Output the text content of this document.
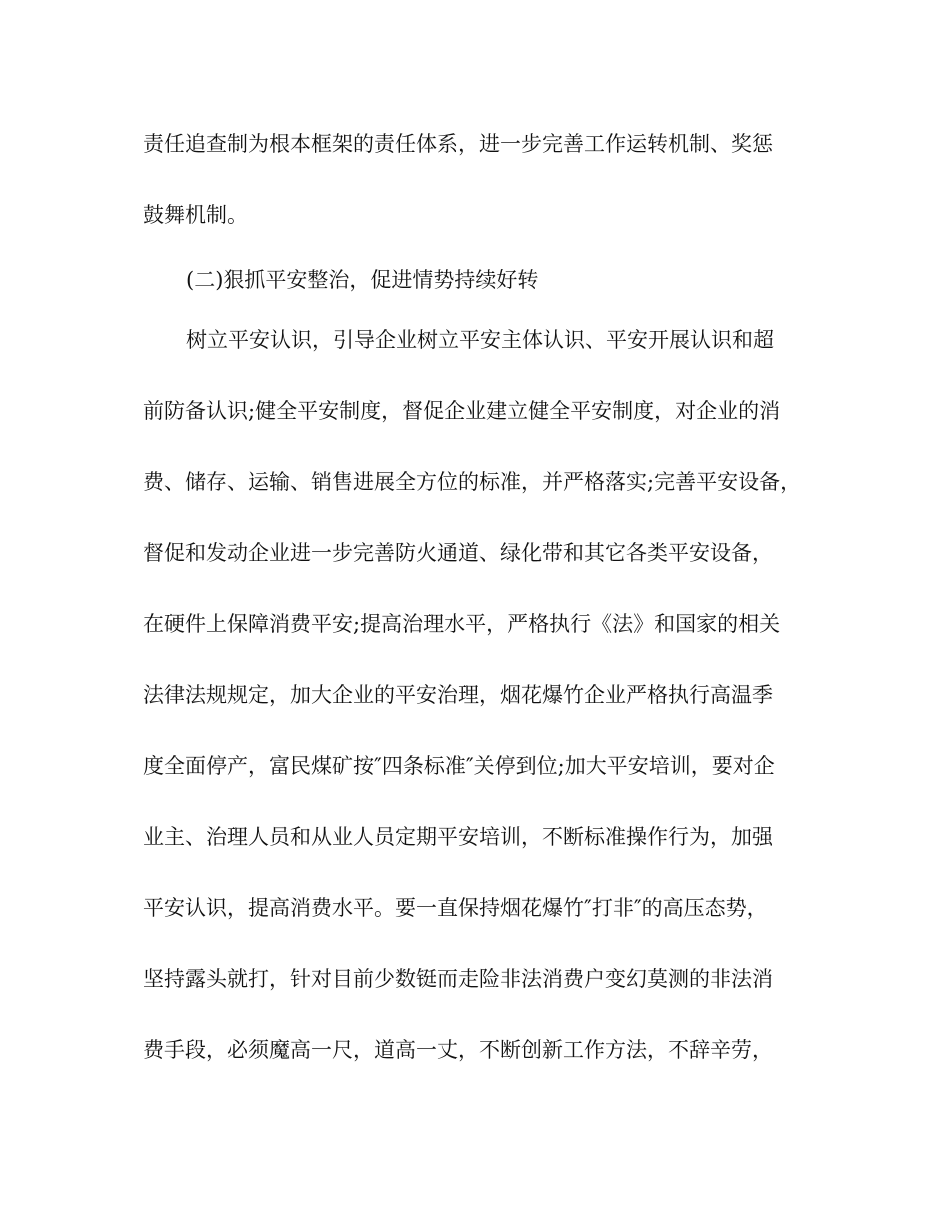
责任追查制为根本框架的责任体系，进一步完善工作运转机制、奖惩
鼓舞机制。
(二)狠抓平安整治，促进情势持续好转
树立平安认识，引导企业树立平安主体认识、平安开展认识和超
前防备认识;健全平安制度，督促企业建立健全平安制度，对企业的消
费、储存、运输、销售进展全方位的标准，并严格落实;完善平安设备，
督促和发动企业进一步完善防火通道、绿化带和其它各类平安设备，
在硬件上保障消费平安;提高治理水平，严格执行《法》和国家的相关
法律法规规定，加大企业的平安治理，烟花爆竹企业严格执行高温季
度全面停产，富民煤矿按″四条标准″关停到位;加大平安培训，要对企
业主、治理人员和从业人员定期平安培训，不断标准操作行为，加强
平安认识，提高消费水平。要一直保持烟花爆竹″打非″的高压态势，
坚持露头就打，针对目前少数铤而走险非法消费户变幻莫测的非法消
费手段，必须魔高一尺，道高一丈，不断创新工作方法，不辞辛劳，
